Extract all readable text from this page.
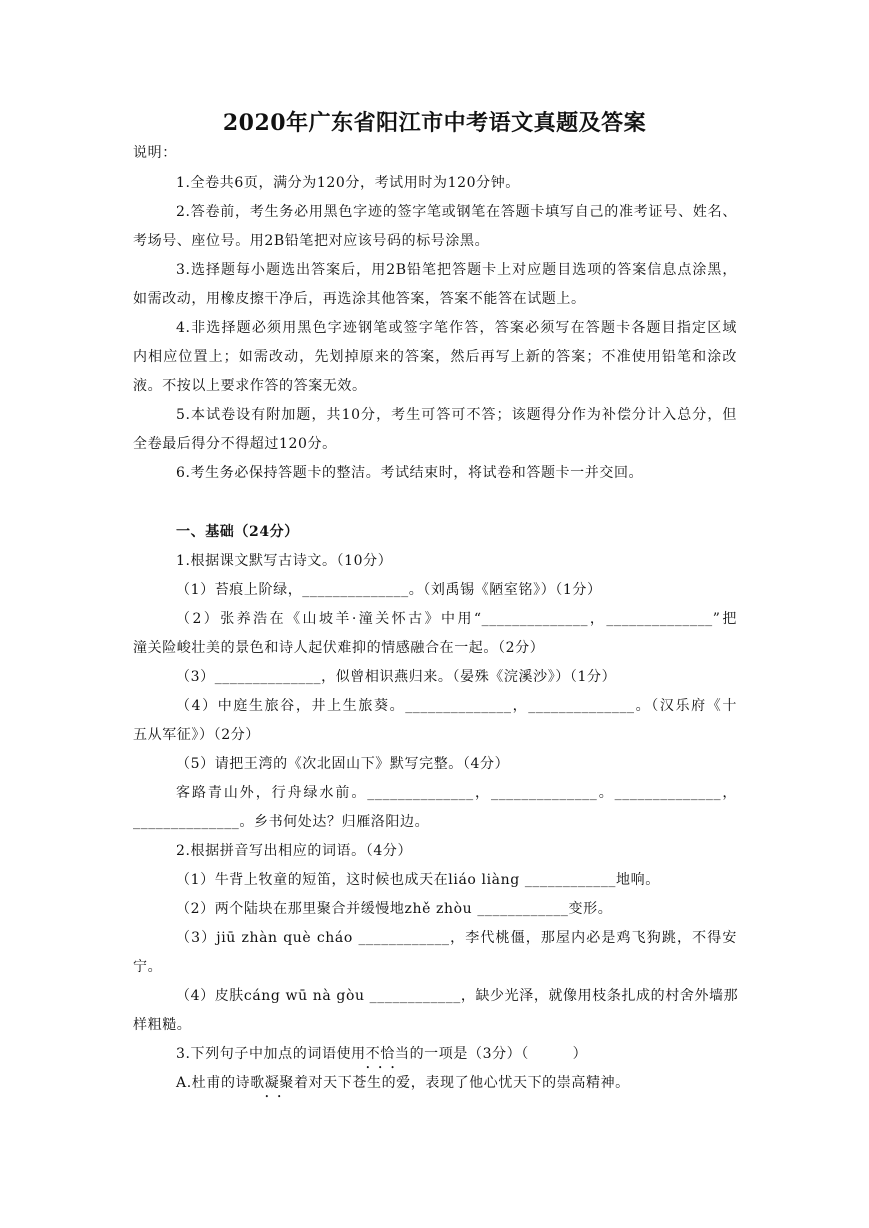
2020年广东省阳江市中考语文真题及答案
说明：
1.全卷共6页，满分为120分，考试用时为120分钟。
2.答卷前，考生务必用黑色字迹的签字笔或钢笔在答题卡填写自己的准考证号、姓名、
考场号、座位号。用2B铅笔把对应该号码的标号涂黑。
3.选择题每小题选出答案后，用2B铅笔把答题卡上对应题目选项的答案信息点涂黑，
如需改动，用橡皮擦干净后，再选涂其他答案，答案不能答在试题上。
4.非选择题必须用黑色字迹钢笔或签字笔作答，答案必须写在答题卡各题目指定区域
内相应位置上；如需改动，先划掉原来的答案，然后再写上新的答案；不准使用铅笔和涂改
液。不按以上要求作答的答案无效。
5.本试卷设有附加题，共10分，考生可答可不答；该题得分作为补偿分计入总分，但
全卷最后得分不得超过120分。
6.考生务必保持答题卡的整洁。考试结束时，将试卷和答题卡一并交回。
一、基础（24分）
1.根据课文默写古诗文。（10分）
（1）苔痕上阶绿，______________。（刘禹锡《陋室铭》）（1分）
（2）张养浩在《山坡羊·潼关怀古》中用“______________，______________”把
潼关险峻壮美的景色和诗人起伏难抑的情感融合在一起。（2分）
（3）______________，似曾相识燕归来。（晏殊《浣溪沙》）（1分）
（4）中庭生旅谷，井上生旅葵。______________，______________。（汉乐府《十
五从军征》）（2分）
（5）请把王湾的《次北固山下》默写完整。（4分）
客路青山外，行舟绿水前。______________，______________。______________，
______________。乡书何处达？归雁洛阳边。
2.根据拼音写出相应的词语。（4分）
（1）牛背上牧童的短笛，这时候也成天在liáo liàng ____________地响。
（2）两个陆块在那里聚合并缓慢地zhě zhòu ____________变形。
（3）jiū zhàn què cháo ____________，李代桃僵，那屋内必是鸡飞狗跳，不得安
宁。
（4）皮肤cáng wū nà gòu ____________，缺少光泽，就像用枝条扎成的村舍外墙那
样粗糙。
3.下列句子中加点的词语使用不恰当 • • •的一项是（3分）（　　　）
A.杜甫的诗歌凝聚 • •着对天下苍生的爱，表现了他心忧天下的崇高精神。
